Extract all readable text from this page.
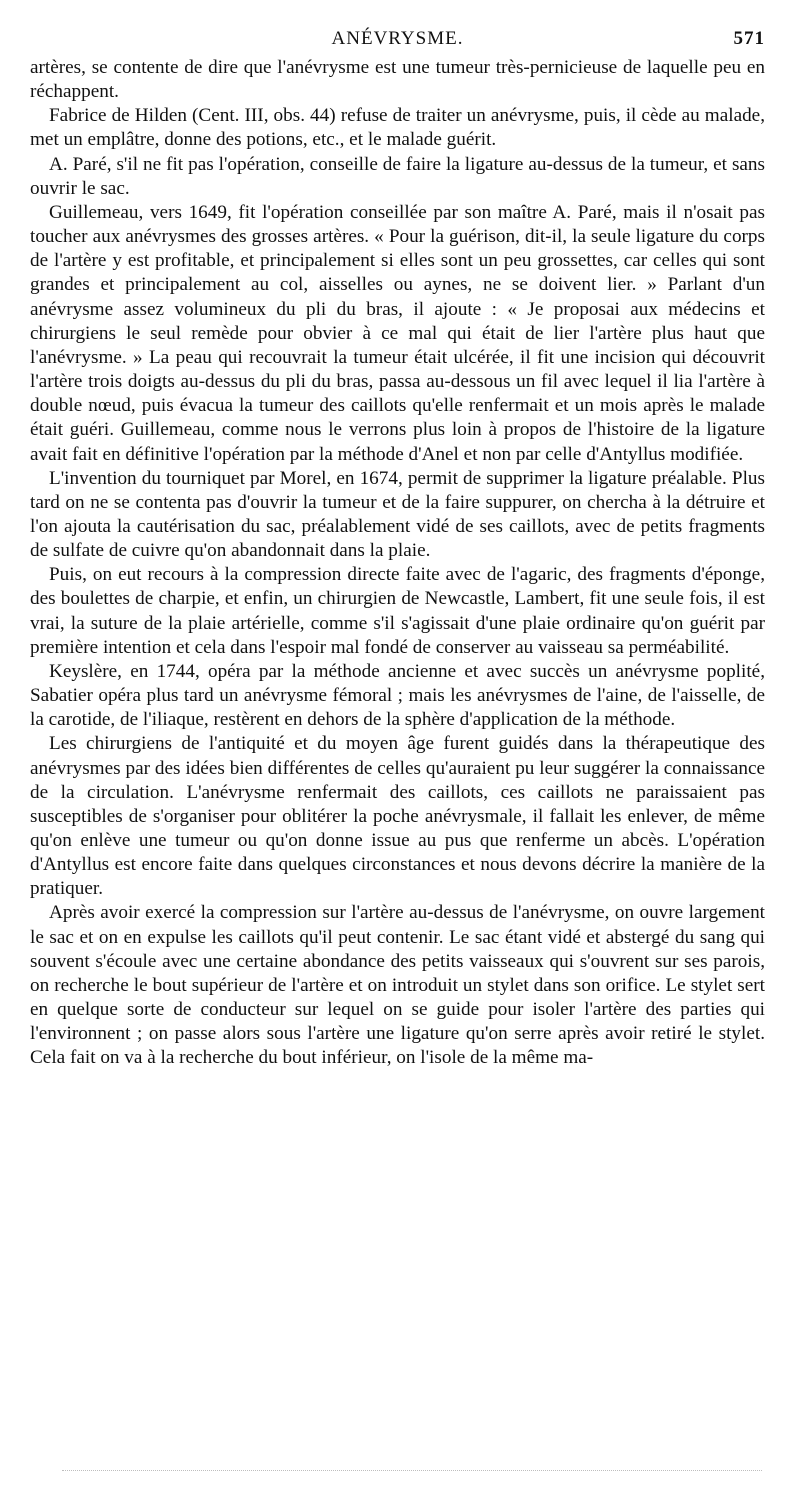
ANÉVRYSME.	571

artères, se contente de dire que l'anévrysme est une tumeur très-pernicieuse de laquelle peu en réchappent.

Fabrice de Hilden (Cent. III, obs. 44) refuse de traiter un anévrysme, puis, il cède au malade, met un emplâtre, donne des potions, etc., et le malade guérit.

A. Paré, s'il ne fit pas l'opération, conseille de faire la ligature au-dessus de la tumeur, et sans ouvrir le sac.

Guillemeau, vers 1649, fit l'opération conseillée par son maître A. Paré, mais il n'osait pas toucher aux anévrysmes des grosses artères. « Pour la guérison, dit-il, la seule ligature du corps de l'artère y est profitable, et principalement si elles sont un peu grossettes, car celles qui sont grandes et principalement au col, aisselles ou aynes, ne se doivent lier. » Parlant d'un anévrysme assez volumineux du pli du bras, il ajoute : « Je proposai aux médecins et chirurgiens le seul remède pour obvier à ce mal qui était de lier l'artère plus haut que l'anévrysme. » La peau qui recouvrait la tumeur était ulcérée, il fit une incision qui découvrit l'artère trois doigts au-dessus du pli du bras, passa au-dessous un fil avec lequel il lia l'artère à double nœud, puis évacua la tumeur des caillots qu'elle renfermait et un mois après le malade était guéri. Guillemeau, comme nous le verrons plus loin à propos de l'histoire de la ligature avait fait en définitive l'opération par la méthode d'Anel et non par celle d'Antyllus modifiée.

L'invention du tourniquet par Morel, en 1674, permit de supprimer la ligature préalable. Plus tard on ne se contenta pas d'ouvrir la tumeur et de la faire suppurer, on chercha à la détruire et l'on ajouta la cautérisation du sac, préalablement vidé de ses caillots, avec de petits fragments de sulfate de cuivre qu'on abandonnait dans la plaie.

Puis, on eut recours à la compression directe faite avec de l'agaric, des fragments d'éponge, des boulettes de charpie, et enfin, un chirurgien de Newcastle, Lambert, fit une seule fois, il est vrai, la suture de la plaie artérielle, comme s'il s'agissait d'une plaie ordinaire qu'on guérit par première intention et cela dans l'espoir mal fondé de conserver au vaisseau sa perméabilité.

Keyslère, en 1744, opéra par la méthode ancienne et avec succès un anévrysme poplité, Sabatier opéra plus tard un anévrysme fémoral ; mais les anévrysmes de l'aine, de l'aisselle, de la carotide, de l'iliaque, restèrent en dehors de la sphère d'application de la méthode.

Les chirurgiens de l'antiquité et du moyen âge furent guidés dans la thérapeutique des anévrysmes par des idées bien différentes de celles qu'auraient pu leur suggérer la connaissance de la circulation. L'anévrysme renfermait des caillots, ces caillots ne paraissaient pas susceptibles de s'organiser pour oblitérer la poche anévrysmale, il fallait les enlever, de même qu'on enlève une tumeur ou qu'on donne issue au pus que renferme un abcès. L'opération d'Antyllus est encore faite dans quelques circonstances et nous devons décrire la manière de la pratiquer.

Après avoir exercé la compression sur l'artère au-dessus de l'anévrysme, on ouvre largement le sac et on en expulse les caillots qu'il peut contenir. Le sac étant vidé et abstergé du sang qui souvent s'écoule avec une certaine abondance des petits vaisseaux qui s'ouvrent sur ses parois, on recherche le bout supérieur de l'artère et on introduit un stylet dans son orifice. Le stylet sert en quelque sorte de conducteur sur lequel on se guide pour isoler l'artère des parties qui l'environnent ; on passe alors sous l'artère une ligature qu'on serre après avoir retiré le stylet. Cela fait on va à la recherche du bout inférieur, on l'isole de la même ma-
